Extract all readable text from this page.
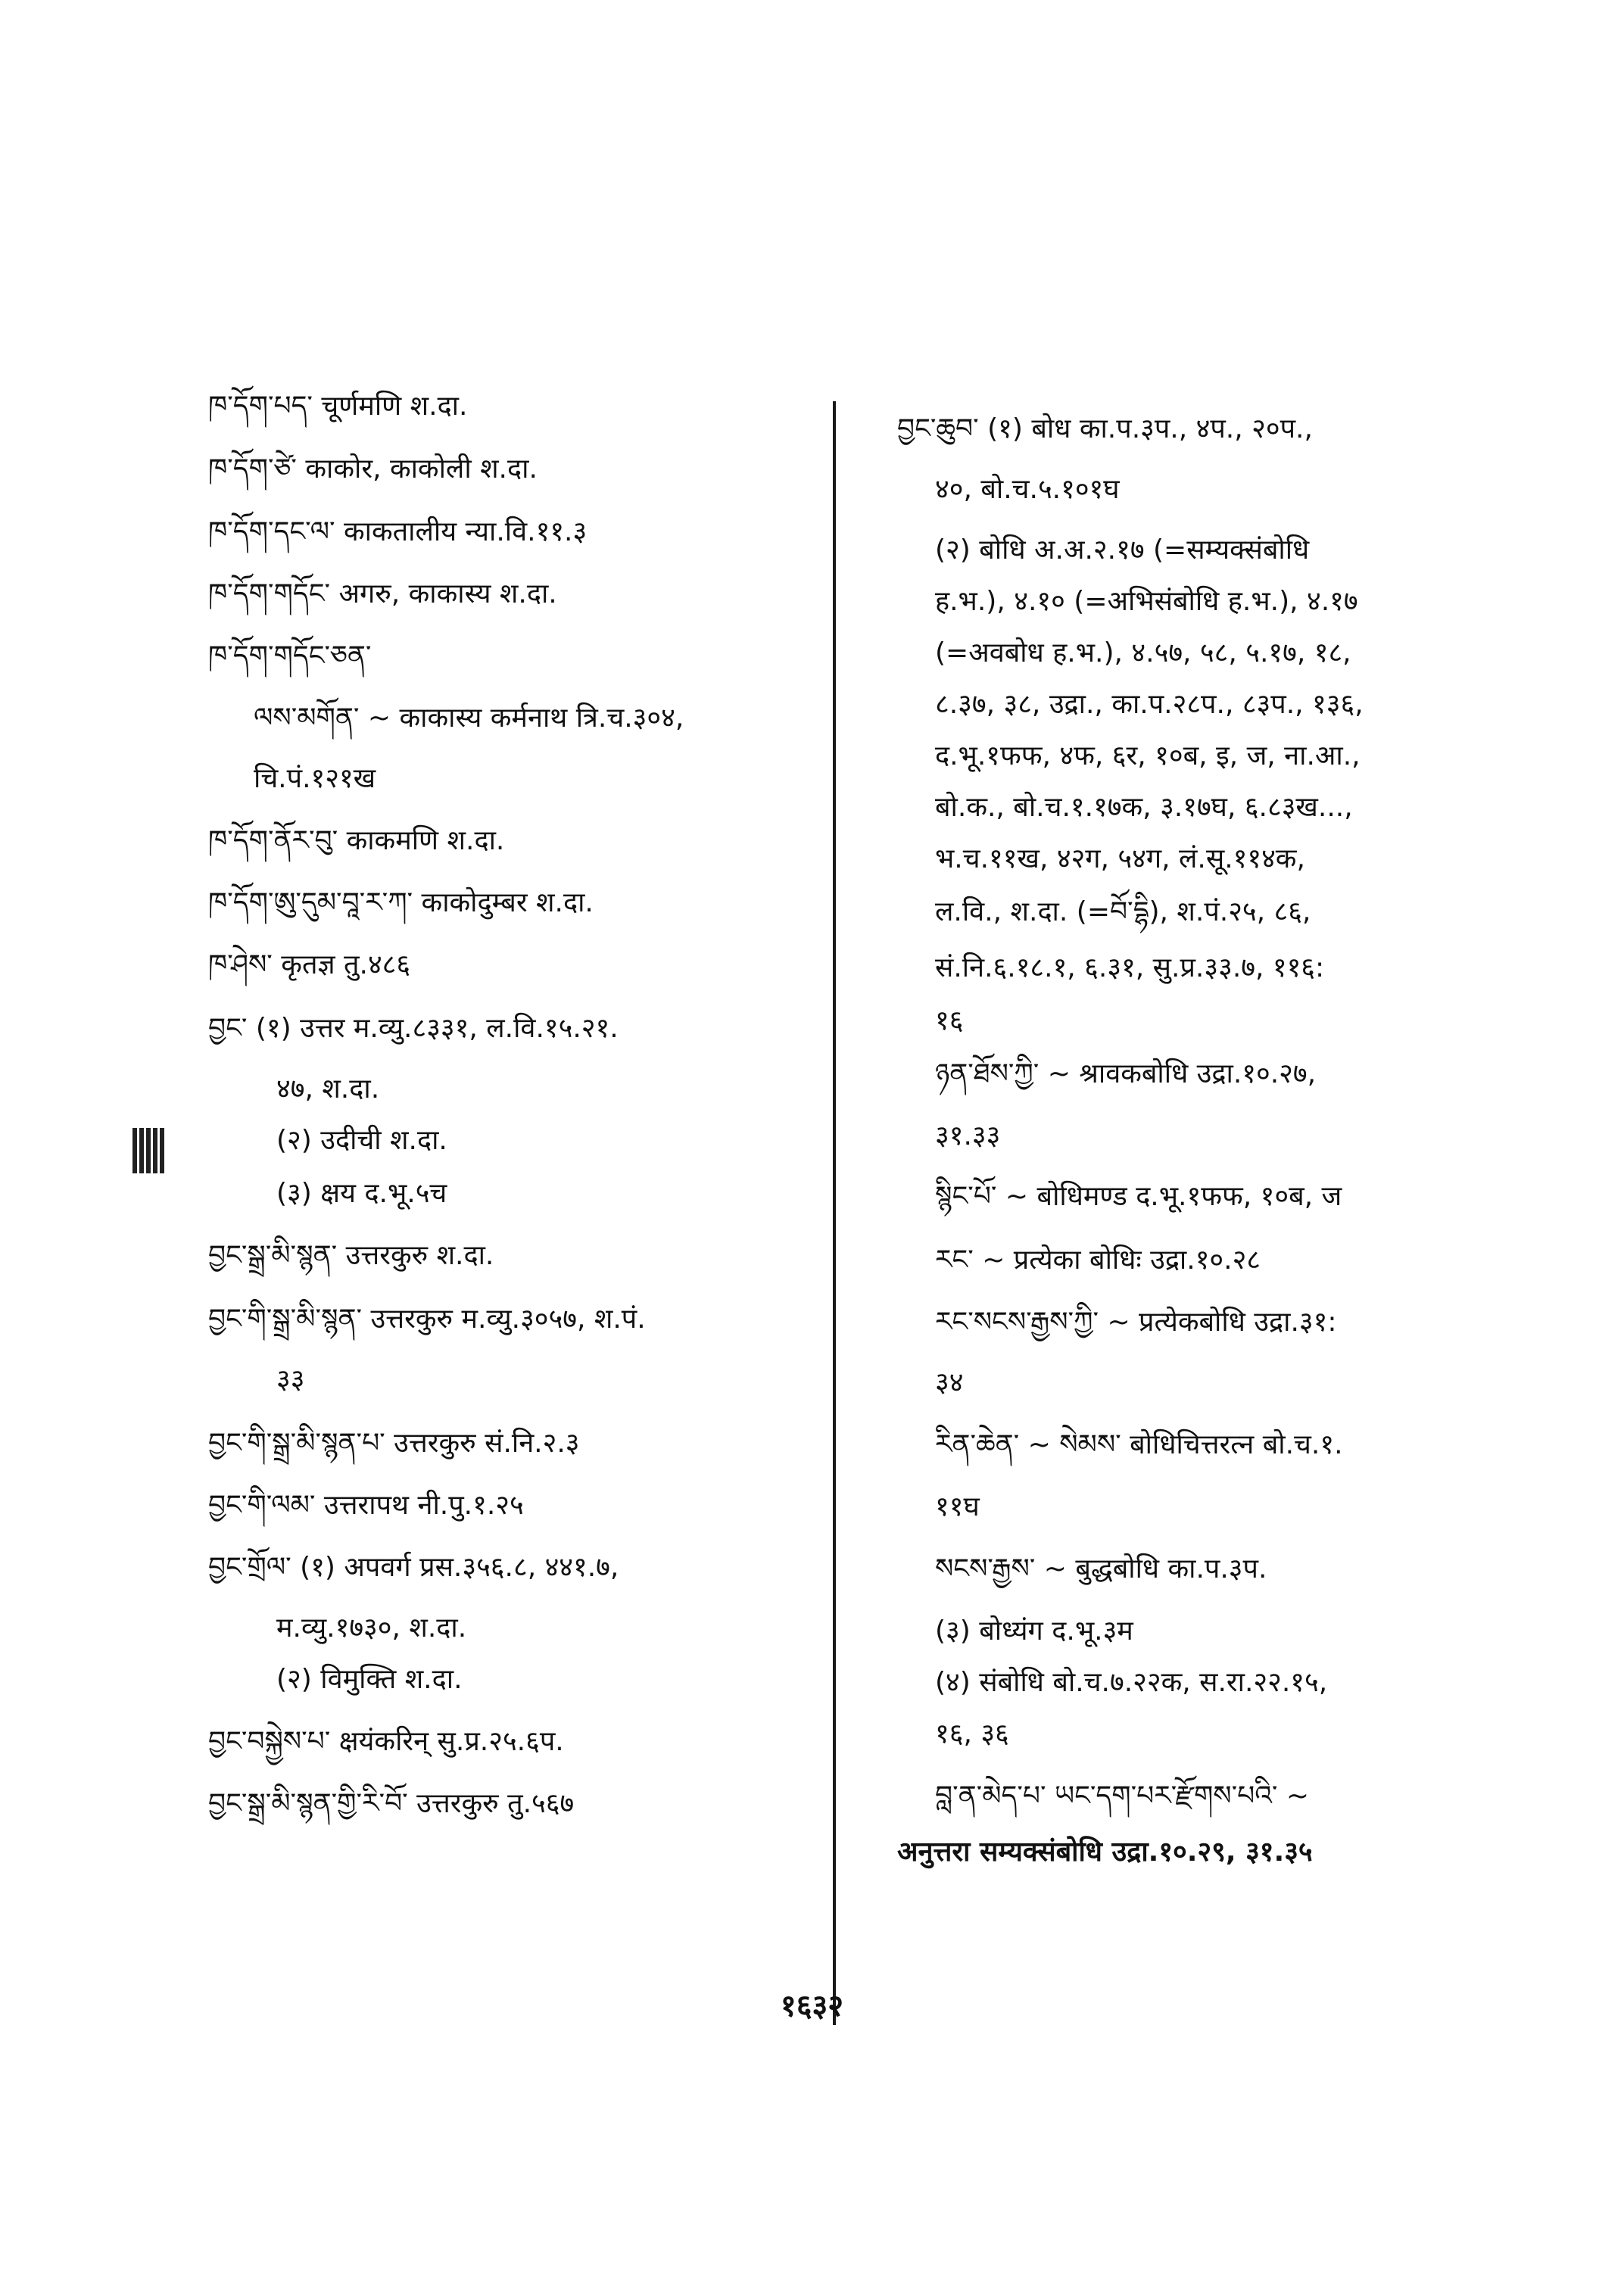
ཁ་དོག་པད་ चूर्णमणि श.दा.
ཁ་དོག་ཙེ་ काकोर, काकोली श.दा.
ཁ་དོག་དང་ལ་ काकतालीय न्या.वि.११.३
ཁ་དོག་གདོང་ अगरु, काकास्य श.दा.
ཁ་དོག་གདོང་ཅན་
ལས་མགོན་ ~ काकास्य कर्मनाथ त्रि.च.३०४,
चि.पं.१२१ख
ཁ་དོག་ནོར་བུ་ काकमणि श.दा.
ཁ་དོག་ཨུ་དུམ་བཱ་ར་ཀ་ काकोदुम्बर श.दा.
ཁ་ཤེས་ कृतज्ञ तु.४८६
བྱང་ (१) उत्तर म.व्यु.८३३१, ल.वि.१५.२१.
४७, श.दा.
(२) उदीची श.दा.
(३) क्षय द.भू.५च
བྱང་སྒྲ་མི་སྙན་ उत्तरकुरु श.दा.
བྱང་གི་སྒྲ་མི་སྙན་ उत्तरकुरु म.व्यु.३०५७, श.पं.
३३
བྱང་གི་སྒྲ་མི་སྙན་པ་ उत्तरकुरु सं.नि.२.३
བྱང་གི་ལམ་ उत्तरापथ नी.पु.१.२५
བྱང་གྲོལ་ (१) अपवर्ग प्रस.३५६.८, ४४१.७,
म.व्यु.१७३०, श.दा.
(२) विमुक्ति श.दा.
བྱང་བསྐྱེས་པ་ क्षयंकरिन् सु.प्र.२५.६प.
བྱང་སྒྲ་མི་སྙན་གྱི་རི་བོ་ उत्तरकुरु तु.५६७
བྱང་ཆུབ་ (१) बोध का.प.३प., ४प., २०प.,
४०, बो.च.५.१०१घ
(२) बोधि अ.अ.२.१७ (=सम्यक्संबोधि
ह.भ.), ४.१० (=अभिसंबोधि ह.भ.), ४.१७
(=अवबोध ह.भ.), ४.५७, ५८, ५.१७, १८,
८.३७, ३८, उद्रा., का.प.२८प., ८३प., १३६,
द.भू.१फफ, ४फ, ६र, १०ब, इ, ज, ना.आ.,
बो.क., बो.च.१.१७क, ३.१७घ, ६.८३ख...,
भ.च.११ख, ४२ग, ५४ग, लं.सू.११४क,
ल.वि., श.दा. (=བོ་དྷི), श.पं.२५, ८६,
सं.नि.६.१८.१, ६.३१, सु.प्र.३३.७, ११६:
१६
ཉན་ཐོས་ཀྱི་ ~ श्रावकबोधि उद्रा.१०.२७,
३१.३३
སྙིང་པོ་ ~ बोधिमण्ड द.भू.१फफ, १०ब, ज
རང་ ~ प्रत्येका बोधिः उद्रा.१०.२८
རང་སངས་རྒྱས་ཀྱི་ ~ प्रत्येकबोधि उद्रा.३१:
३४
རིན་ཆེན་ ~ སེམས་ बोधिचित्तरत्न बो.च.१.
११घ
སངས་རྒྱས་ ~ बुद्धबोधि का.प.३प.
(३) बोध्यंग द.भू.३म
(४) संबोधि बो.च.७.२२क, स.रा.२२.१५,
१६, ३६
བླ་ན་མེད་པ་ ཡང་དག་པར་རྫོགས་པའི་ ~
अनुत्तरा सम्यक्संबोधि उद्रा.१०.२९, ३१.३५
१६३२
